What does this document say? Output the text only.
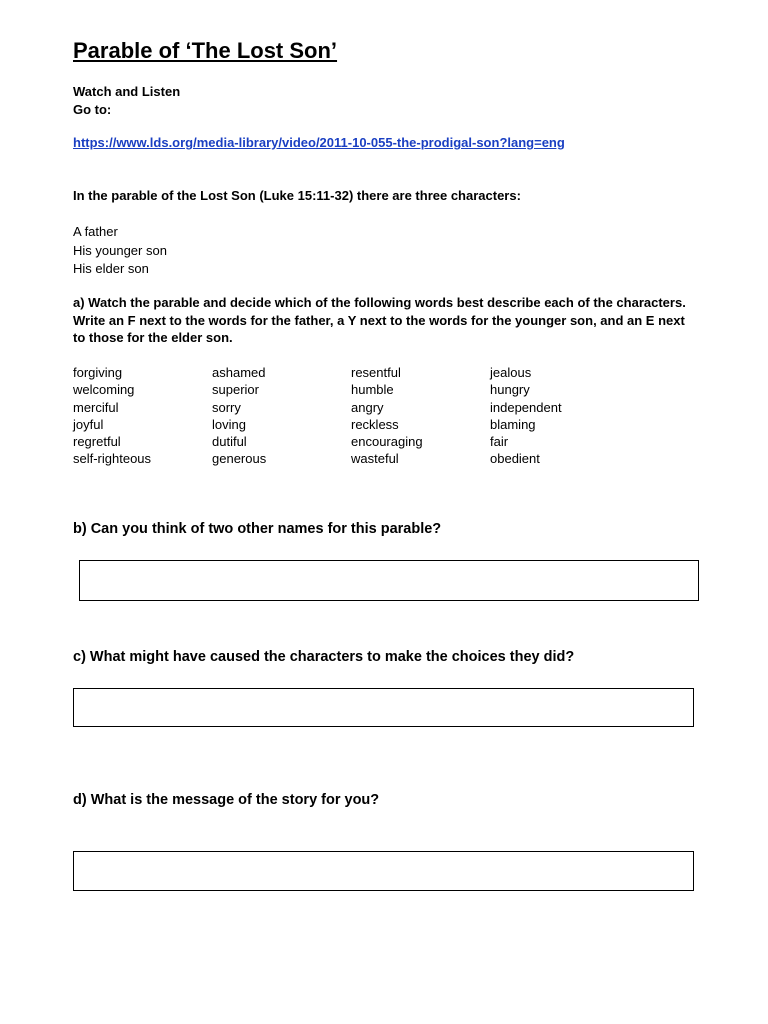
Parable of ‘The Lost Son’

Watch and Listen

Go to:

https://www.lds.org/media-library/video/2011-10-055-the-prodigal-son?lang=eng

In the parable of the Lost Son (Luke 15:11-32) there are three characters:

A father
His younger son
His elder son

a) Watch the parable and decide which of the following words best describe each of the characters. Write an F next to the words for the father, a Y next to the words for the younger son, and an E next to those for the elder son.

forgiving
welcoming
merciful
joyful
regretful
self-righteous
ashamed
superior
sorry
loving
dutiful
generous
resentful
humble
angry
reckless
encouraging
wasteful
jealous
hungry
independent
blaming
fair
obedient

b) Can you think of two other names for this parable?

c) What might have caused the characters to make the choices they did?

d) What is the message of the story for you?
